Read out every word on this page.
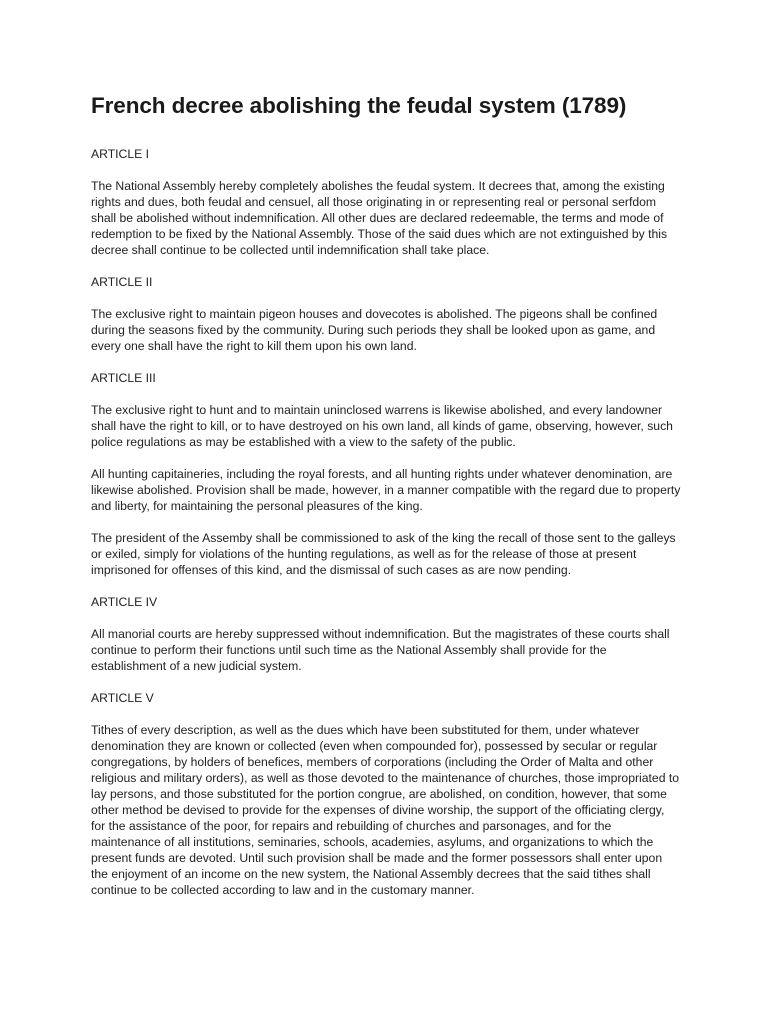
French decree abolishing the feudal system (1789)

ARTICLE I

The National Assembly hereby completely abolishes the feudal system. It decrees that, among the existing rights and dues, both feudal and censuel, all those originating in or representing real or personal serfdom shall be abolished without indemnification. All other dues are declared redeemable, the terms and mode of redemption to be fixed by the National Assembly. Those of the said dues which are not extinguished by this decree shall continue to be collected until indemnification shall take place.

ARTICLE II

The exclusive right to maintain pigeon houses and dovecotes is abolished. The pigeons shall be confined during the seasons fixed by the community. During such periods they shall be looked upon as game, and every one shall have the right to kill them upon his own land.

ARTICLE III

The exclusive right to hunt and to maintain uninclosed warrens is likewise abolished, and every landowner shall have the right to kill, or to have destroyed on his own land, all kinds of game, observing, however, such police regulations as may be established with a view to the safety of the public.

All hunting capitaineries, including the royal forests, and all hunting rights under whatever denomination, are likewise abolished. Provision shall be made, however, in a manner compatible with the regard due to property and liberty, for maintaining the personal pleasures of the king.

The president of the Assemby shall be commissioned to ask of the king the recall of those sent to the galleys or exiled, simply for violations of the hunting regulations, as well as for the release of those at present imprisoned for offenses of this kind, and the dismissal of such cases as are now pending.

ARTICLE IV

All manorial courts are hereby suppressed without indemnification. But the magistrates of these courts shall continue to perform their functions until such time as the National Assembly shall provide for the establishment of a new judicial system.

ARTICLE V

Tithes of every description, as well as the dues which have been substituted for them, under whatever denomination they are known or collected (even when compounded for), possessed by secular or regular congregations, by holders of benefices, members of corporations (including the Order of Malta and other religious and military orders), as well as those devoted to the maintenance of churches, those impropriated to lay persons, and those substituted for the portion congrue, are abolished, on condition, however, that some other method be devised to provide for the expenses of divine worship, the support of the officiating clergy, for the assistance of the poor, for repairs and rebuilding of churches and parsonages, and for the maintenance of all institutions, seminaries, schools, academies, asylums, and organizations to which the present funds are devoted. Until such provision shall be made and the former possessors shall enter upon the enjoyment of an income on the new system, the National Assembly decrees that the said tithes shall continue to be collected according to law and in the customary manner.
